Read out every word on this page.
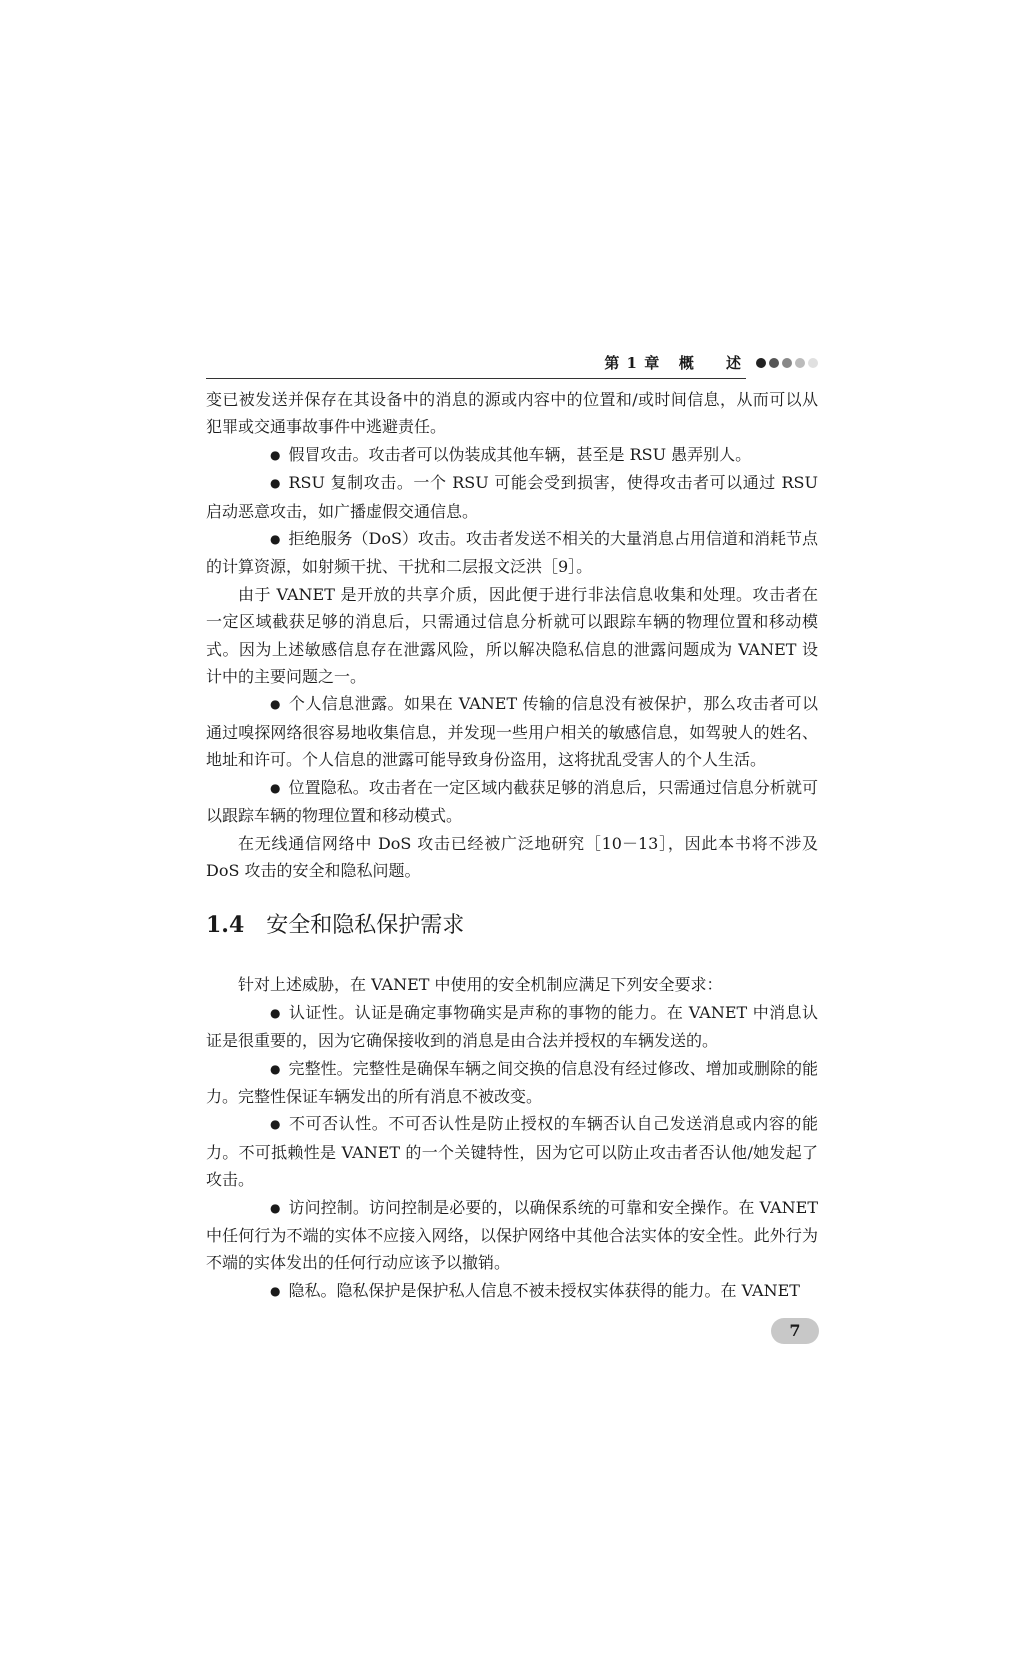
第 1 章   概     述

变已被发送并保存在其设备中的消息的源或内容中的位置和/或时间信息，从而可以从犯罪或交通事故事件中逃避责任。

● 假冒攻击。攻击者可以伪装成其他车辆，甚至是 RSU 愚弄别人。

● RSU 复制攻击。一个 RSU 可能会受到损害，使得攻击者可以通过 RSU 启动恶意攻击，如广播虚假交通信息。

● 拒绝服务（DoS）攻击。攻击者发送不相关的大量消息占用信道和消耗节点的计算资源，如射频干扰、干扰和二层报文泛洪［9］。

由于 VANET 是开放的共享介质，因此便于进行非法信息收集和处理。攻击者在一定区域截获足够的消息后，只需通过信息分析就可以跟踪车辆的物理位置和移动模式。因为上述敏感信息存在泄露风险，所以解决隐私信息的泄露问题成为 VANET 设计中的主要问题之一。

● 个人信息泄露。如果在 VANET 传输的信息没有被保护，那么攻击者可以通过嗅探网络很容易地收集信息，并发现一些用户相关的敏感信息，如驾驶人的姓名、地址和许可。个人信息的泄露可能导致身份盗用，这将扰乱受害人的个人生活。

● 位置隐私。攻击者在一定区域内截获足够的消息后，只需通过信息分析就可以跟踪车辆的物理位置和移动模式。

在无线通信网络中 DoS 攻击已经被广泛地研究［10－13］，因此本书将不涉及 DoS 攻击的安全和隐私问题。

1.4 安全和隐私保护需求

针对上述威胁，在 VANET 中使用的安全机制应满足下列安全要求：

● 认证性。认证是确定事物确实是声称的事物的能力。在 VANET 中消息认证是很重要的，因为它确保接收到的消息是由合法并授权的车辆发送的。

● 完整性。完整性是确保车辆之间交换的信息没有经过修改、增加或删除的能力。完整性保证车辆发出的所有消息不被改变。

● 不可否认性。不可否认性是防止授权的车辆否认自己发送消息或内容的能力。不可抵赖性是 VANET 的一个关键特性，因为它可以防止攻击者否认他/她发起了攻击。

● 访问控制。访问控制是必要的，以确保系统的可靠和安全操作。在 VANET中任何行为不端的实体不应接入网络，以保护网络中其他合法实体的安全性。此外行为不端的实体发出的任何行动应该予以撤销。

● 隐私。隐私保护是保护私人信息不被未授权实体获得的能力。在 VANET

7
